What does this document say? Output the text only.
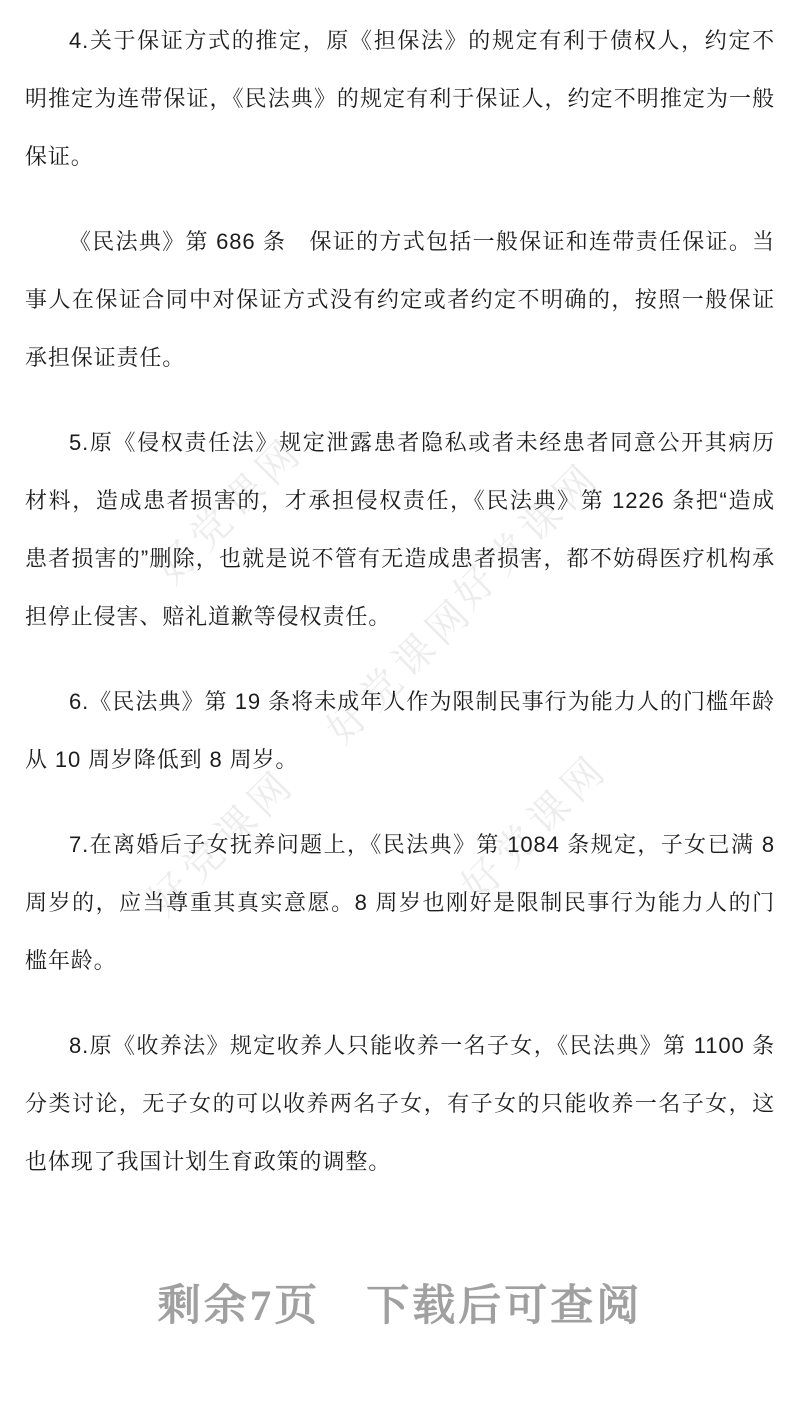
好党课网	好党课网
好党课网
好党课网	好党课网

4.关于保证方式的推定，原《担保法》的规定有利于债权人，约定不明推定为连带保证，《民法典》的规定有利于保证人，约定不明推定为一般保证。

《民法典》第 686 条　保证的方式包括一般保证和连带责任保证。当事人在保证合同中对保证方式没有约定或者约定不明确的，按照一般保证承担保证责任。

5.原《侵权责任法》规定泄露患者隐私或者未经患者同意公开其病历材料，造成患者损害的，才承担侵权责任，《民法典》第 1226 条把“造成患者损害的”删除，也就是说不管有无造成患者损害，都不妨碍医疗机构承担停止侵害、赔礼道歉等侵权责任。

6.《民法典》第 19 条将未成年人作为限制民事行为能力人的门槛年龄从 10 周岁降低到 8 周岁。

7.在离婚后子女抚养问题上，《民法典》第 1084 条规定，子女已满 8 周岁的，应当尊重其真实意愿。8 周岁也刚好是限制民事行为能力人的门槛年龄。

8.原《收养法》规定收养人只能收养一名子女，《民法典》第 1100 条分类讨论，无子女的可以收养两名子女，有子女的只能收养一名子女，这也体现了我国计划生育政策的调整。

剩余7页 下载后可查阅
